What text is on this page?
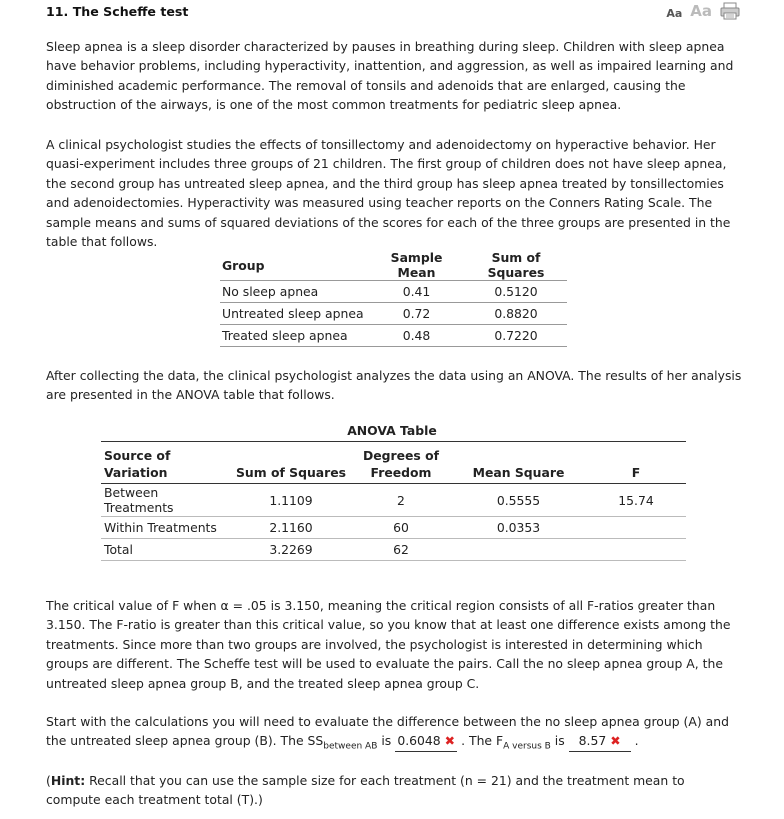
11. The Scheffe test	Aa Aa

Sleep apnea is a sleep disorder characterized by pauses in breathing during sleep. Children with sleep apnea have behavior problems, including hyperactivity, inattention, and aggression, as well as impaired learning and diminished academic performance. The removal of tonsils and adenoids that are enlarged, causing the obstruction of the airways, is one of the most common treatments for pediatric sleep apnea.

A clinical psychologist studies the effects of tonsillectomy and adenoidectomy on hyperactive behavior. Her quasi-experiment includes three groups of 21 children. The first group of children does not have sleep apnea, the second group has untreated sleep apnea, and the third group has sleep apnea treated by tonsillectomies and adenoidectomies. Hyperactivity was measured using teacher reports on the Conners Rating Scale. The sample means and sums of squared deviations of the scores for each of the three groups are presented in the table that follows.

Group	Sample Mean	Sum of Squares
No sleep apnea	0.41	0.5120
Untreated sleep apnea	0.72	0.8820
Treated sleep apnea	0.48	0.7220

After collecting the data, the clinical psychologist analyzes the data using an ANOVA. The results of her analysis are presented in the ANOVA table that follows.

ANOVA Table
Source of		Degrees of		
Variation	Sum of Squares	Freedom	Mean Square	F
Between Treatments	1.1109	2	0.5555	15.74
Within Treatments	2.1160	60	0.0353	
Total	3.2269	62		

The critical value of F when α = .05 is 3.150, meaning the critical region consists of all F-ratios greater than 3.150. The F-ratio is greater than this critical value, so you know that at least one difference exists among the treatments. Since more than two groups are involved, the psychologist is interested in determining which groups are different. The Scheffe test will be used to evaluate the pairs. Call the no sleep apnea group A, the untreated sleep apnea group B, and the treated sleep apnea group C.

Start with the calculations you will need to evaluate the difference between the no sleep apnea group (A) and the untreated sleep apnea group (B). The $SS_{between AB}$ is 0.6048 ✖ . The $F_{A versus B}$ is 8.57 ✖ .

(Hint: Recall that you can use the sample size for each treatment (n = 21) and the treatment mean to compute each treatment total (T).)
